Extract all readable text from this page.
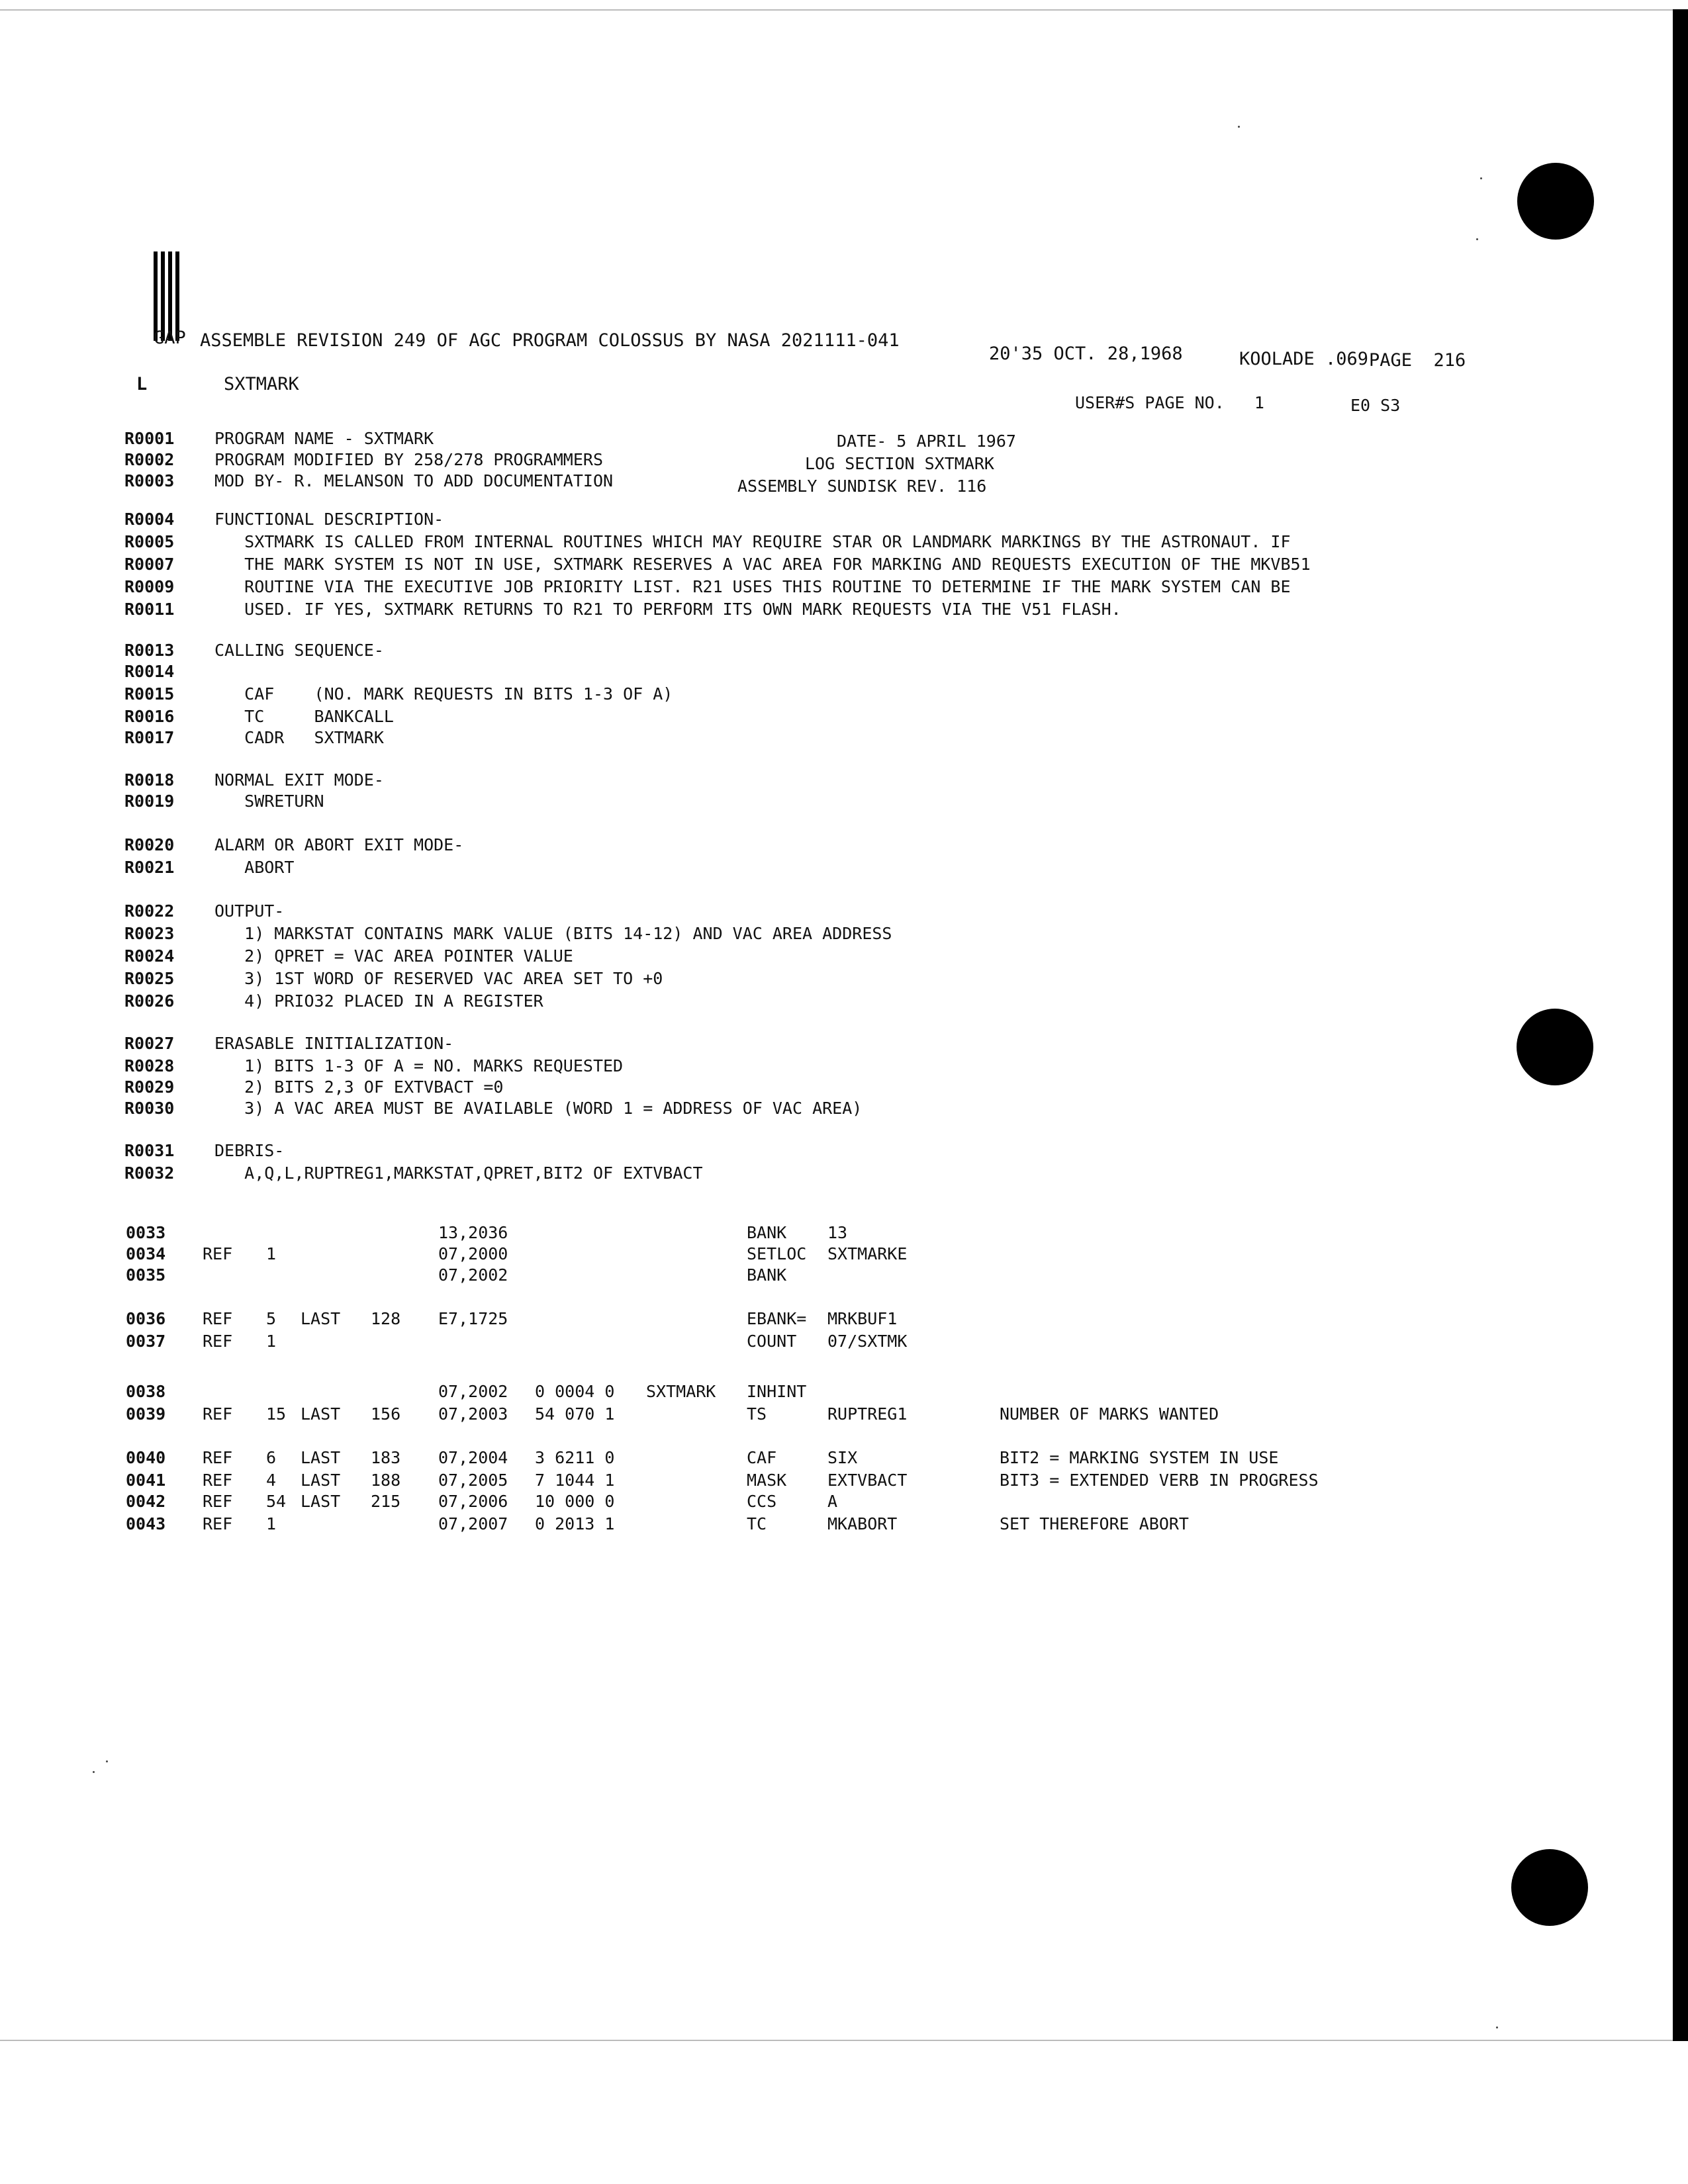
GAP ASSEMBLE REVISION 249 OF AGC PROGRAM COLOSSUS BY NASA 2021111-041
20'35 OCT. 28,1968	KOOLADE .069 PAGE  216
L	SXTMARK
USER#S PAGE NO.   1	E0 S3
DATE- 5 APRIL 1967
LOG SECTION SXTMARK
ASSEMBLY SUNDISK REV. 116
R0001 PROGRAM NAME - SXTMARK
R0002 PROGRAM MODIFIED BY 258/278 PROGRAMMERS
R0003 MOD BY- R. MELANSON TO ADD DOCUMENTATION
R0004 FUNCTIONAL DESCRIPTION-
R0005 SXTMARK IS CALLED FROM INTERNAL ROUTINES WHICH MAY REQUIRE STAR OR LANDMARK MARKINGS BY THE ASTRONAUT. IF
R0007 THE MARK SYSTEM IS NOT IN USE, SXTMARK RESERVES A VAC AREA FOR MARKING AND REQUESTS EXECUTION OF THE MKVB51
R0009 ROUTINE VIA THE EXECUTIVE JOB PRIORITY LIST. R21 USES THIS ROUTINE TO DETERMINE IF THE MARK SYSTEM CAN BE
R0011 USED. IF YES, SXTMARK RETURNS TO R21 TO PERFORM ITS OWN MARK REQUESTS VIA THE V51 FLASH.
R0013 CALLING SEQUENCE-
R0014
R0015 CAF    (NO. MARK REQUESTS IN BITS 1-3 OF A)
R0016 TC     BANKCALL
R0017 CADR   SXTMARK
R0018 NORMAL EXIT MODE-
R0019 SWRETURN
R0020 ALARM OR ABORT EXIT MODE-
R0021 ABORT
R0022 OUTPUT-
R0023 1) MARKSTAT CONTAINS MARK VALUE (BITS 14-12) AND VAC AREA ADDRESS
R0024 2) QPRET = VAC AREA POINTER VALUE
R0025 3) 1ST WORD OF RESERVED VAC AREA SET TO +0
R0026 4) PRIO32 PLACED IN A REGISTER
R0027 ERASABLE INITIALIZATION-
R0028 1) BITS 1-3 OF A = NO. MARKS REQUESTED
R0029 2) BITS 2,3 OF EXTVBACT =0
R0030 3) A VAC AREA MUST BE AVAILABLE (WORD 1 = ADDRESS OF VAC AREA)
R0031 DEBRIS-
R0032 A,Q,L,RUPTREG1,MARKSTAT,QPRET,BIT2 OF EXTVBACT
0033	13,2036	BANK 13
0034 REF 1	07,2000	SETLOC SXTMARKE
0035	07,2002	BANK
0036 REF 5 LAST 128 E7,1725	EBANK= MRKBUF1
0037 REF 1	COUNT 07/SXTMK
0038	07,2002 0 0004 0 SXTMARK INHINT
0039 REF 15 LAST 156 07,2003 54 070 1	TS	RUPTREG1	NUMBER OF MARKS WANTED
0040 REF 6 LAST 183 07,2004 3 6211 0	CAF	SIX	BIT2 = MARKING SYSTEM IN USE
0041 REF 4 LAST 188 07,2005 7 1044 1	MASK EXTVBACT	BIT3 = EXTENDED VERB IN PROGRESS
0042 REF 54 LAST 215 07,2006 10 000 0	CCS	A
0043 REF 1	07,2007 0 2013 1	TC	MKABORT	SET THEREFORE ABORT
